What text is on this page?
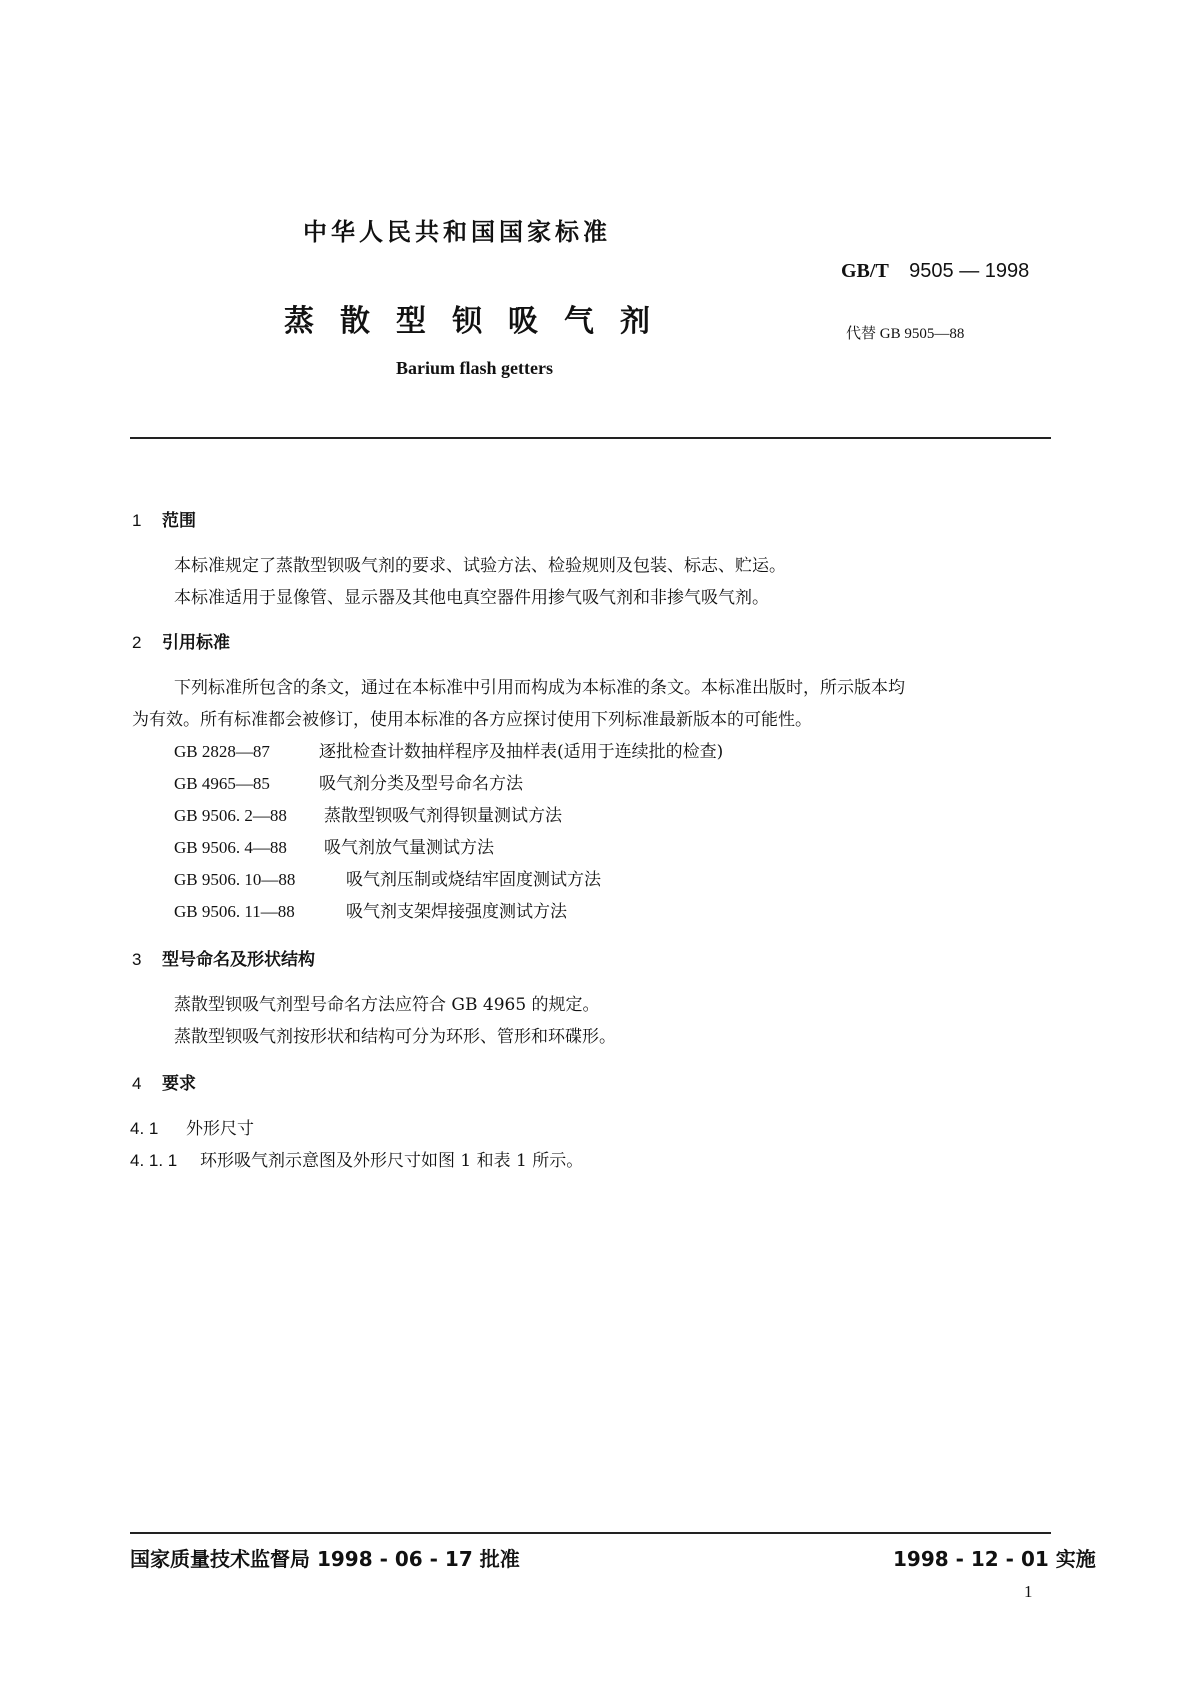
中华人民共和国国家标准
GB/T 9505 — 1998
蒸散型钡吸气剂	代替 GB 9505—88
Barium flash getters
1 范围
本标准规定了蒸散型钡吸气剂的要求、试验方法、检验规则及包装、标志、贮运。
本标准适用于显像管、显示器及其他电真空器件用掺气吸气剂和非掺气吸气剂。
2 引用标准
下列标准所包含的条文，通过在本标准中引用而构成为本标准的条文。本标准出版时，所示版本均
为有效。所有标准都会被修订，使用本标准的各方应探讨使用下列标准最新版本的可能性。
GB 2828—87	逐批检查计数抽样程序及抽样表(适用于连续批的检查)
GB 4965—85	吸气剂分类及型号命名方法
GB 9506. 2—88 蒸散型钡吸气剂得钡量测试方法
GB 9506. 4—88 吸气剂放气量测试方法
GB 9506. 10—88	吸气剂压制或烧结牢固度测试方法
GB 9506. 11—88	吸气剂支架焊接强度测试方法
3 型号命名及形状结构
蒸散型钡吸气剂型号命名方法应符合 GB 4965 的规定。
蒸散型钡吸气剂按形状和结构可分为环形、管形和环碟形。
4 要求
4. 1 外形尺寸
4. 1. 1 环形吸气剂示意图及外形尺寸如图 1 和表 1 所示。
国家质量技术监督局 1998 - 06 - 17 批准	1998 - 12 - 01 实施
1
